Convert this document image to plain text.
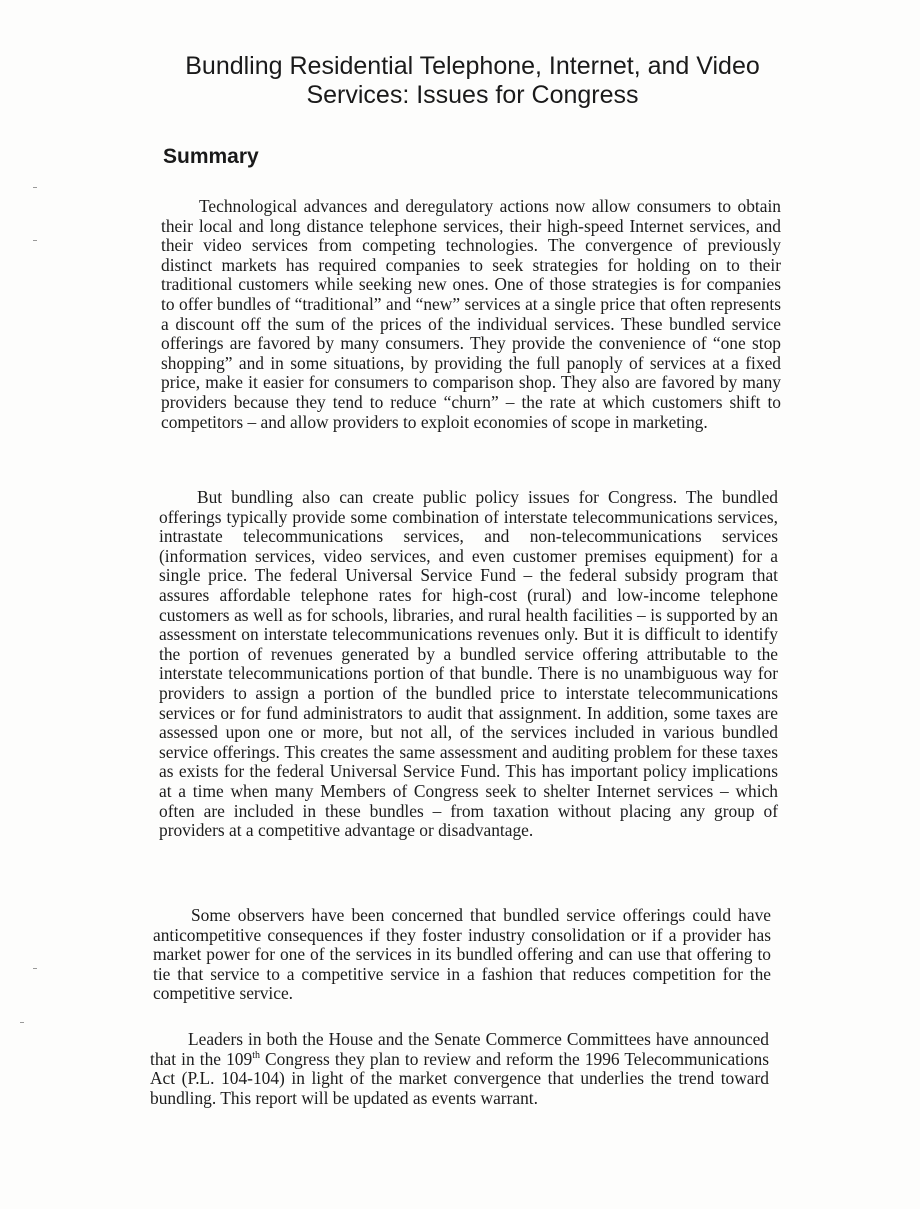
Bundling Residential Telephone, Internet, and Video
Services: Issues for Congress
Summary

Technological advances and deregulatory actions now allow consumers to obtain their local and long distance telephone services, their high-speed Internet services, and their video services from competing technologies. The convergence of previously distinct markets has required companies to seek strategies for holding on to their traditional customers while seeking new ones. One of those strategies is for companies to offer bundles of “traditional” and “new” services at a single price that often represents a discount off the sum of the prices of the individual services. These bundled service offerings are favored by many consumers. They provide the convenience of “one stop shopping” and in some situations, by providing the full panoply of services at a fixed price, make it easier for consumers to comparison shop. They also are favored by many providers because they tend to reduce “churn” – the rate at which customers shift to competitors – and allow providers to exploit economies of scope in marketing.

But bundling also can create public policy issues for Congress. The bundled offerings typically provide some combination of interstate telecommunications services, intrastate telecommunications services, and non-telecommunications services (information services, video services, and even customer premises equipment) for a single price. The federal Universal Service Fund – the federal subsidy program that assures affordable telephone rates for high-cost (rural) and low-income telephone customers as well as for schools, libraries, and rural health facilities – is supported by an assessment on interstate telecommunications revenues only. But it is difficult to identify the portion of revenues generated by a bundled service offering attributable to the interstate telecommunications portion of that bundle. There is no unambiguous way for providers to assign a portion of the bundled price to interstate telecommunications services or for fund administrators to audit that assignment. In addition, some taxes are assessed upon one or more, but not all, of the services included in various bundled service offerings. This creates the same assessment and auditing problem for these taxes as exists for the federal Universal Service Fund. This has important policy implications at a time when many Members of Congress seek to shelter Internet services – which often are included in these bundles – from taxation without placing any group of providers at a competitive advantage or disadvantage.

Some observers have been concerned that bundled service offerings could have anticompetitive consequences if they foster industry consolidation or if a provider has market power for one of the services in its bundled offering and can use that offering to tie that service to a competitive service in a fashion that reduces competition for the competitive service.

Leaders in both the House and the Senate Commerce Committees have announced that in the 109th Congress they plan to review and reform the 1996 Telecommunications Act (P.L. 104-104) in light of the market convergence that underlies the trend toward bundling. This report will be updated as events warrant.
